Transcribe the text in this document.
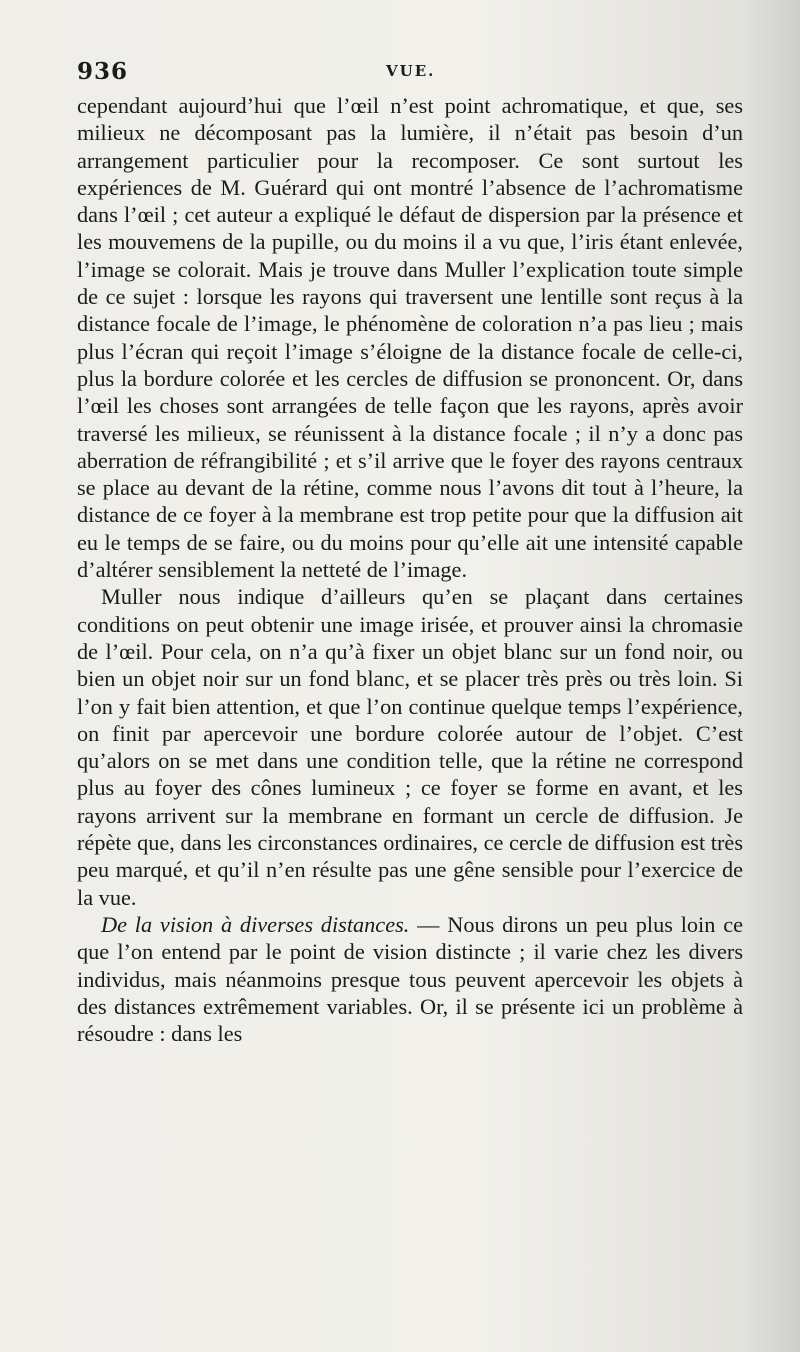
936	VUE.

cependant aujourd’hui que l’œil n’est point achromatique, et que, ses milieux ne décomposant pas la lumière, il n’était pas besoin d’un arrangement particulier pour la recomposer. Ce sont surtout les expériences de M. Guérard qui ont montré l’absence de l’achromatisme dans l’œil ; cet auteur a expliqué le défaut de dispersion par la présence et les mouvemens de la pupille, ou du moins il a vu que, l’iris étant enlevée, l’image se colorait. Mais je trouve dans Muller l’explication toute simple de ce sujet : lorsque les rayons qui traversent une lentille sont reçus à la distance focale de l’image, le phénomène de coloration n’a pas lieu ; mais plus l’écran qui reçoit l’image s’éloigne de la distance focale de celle-ci, plus la bordure colorée et les cercles de diffusion se prononcent. Or, dans l’œil les choses sont arrangées de telle façon que les rayons, après avoir traversé les milieux, se réunissent à la distance focale ; il n’y a donc pas aberration de réfrangibilité ; et s’il arrive que le foyer des rayons centraux se place au devant de la rétine, comme nous l’avons dit tout à l’heure, la distance de ce foyer à la membrane est trop petite pour que la diffusion ait eu le temps de se faire, ou du moins pour qu’elle ait une intensité capable d’altérer sensiblement la netteté de l’image.

Muller nous indique d’ailleurs qu’en se plaçant dans certaines conditions on peut obtenir une image irisée, et prouver ainsi la chromasie de l’œil. Pour cela, on n’a qu’à fixer un objet blanc sur un fond noir, ou bien un objet noir sur un fond blanc, et se placer très près ou très loin. Si l’on y fait bien attention, et que l’on continue quelque temps l’expérience, on finit par apercevoir une bordure colorée autour de l’objet. C’est qu’alors on se met dans une condition telle, que la rétine ne correspond plus au foyer des cônes lumineux ; ce foyer se forme en avant, et les rayons arrivent sur la membrane en formant un cercle de diffusion. Je répète que, dans les circonstances ordinaires, ce cercle de diffusion est très peu marqué, et qu’il n’en résulte pas une gêne sensible pour l’exercice de la vue.

De la vision à diverses distances. — Nous dirons un peu plus loin ce que l’on entend par le point de vision distincte ; il varie chez les divers individus, mais néanmoins presque tous peuvent apercevoir les objets à des distances extrêmement variables. Or, il se présente ici un problème à résoudre : dans les
